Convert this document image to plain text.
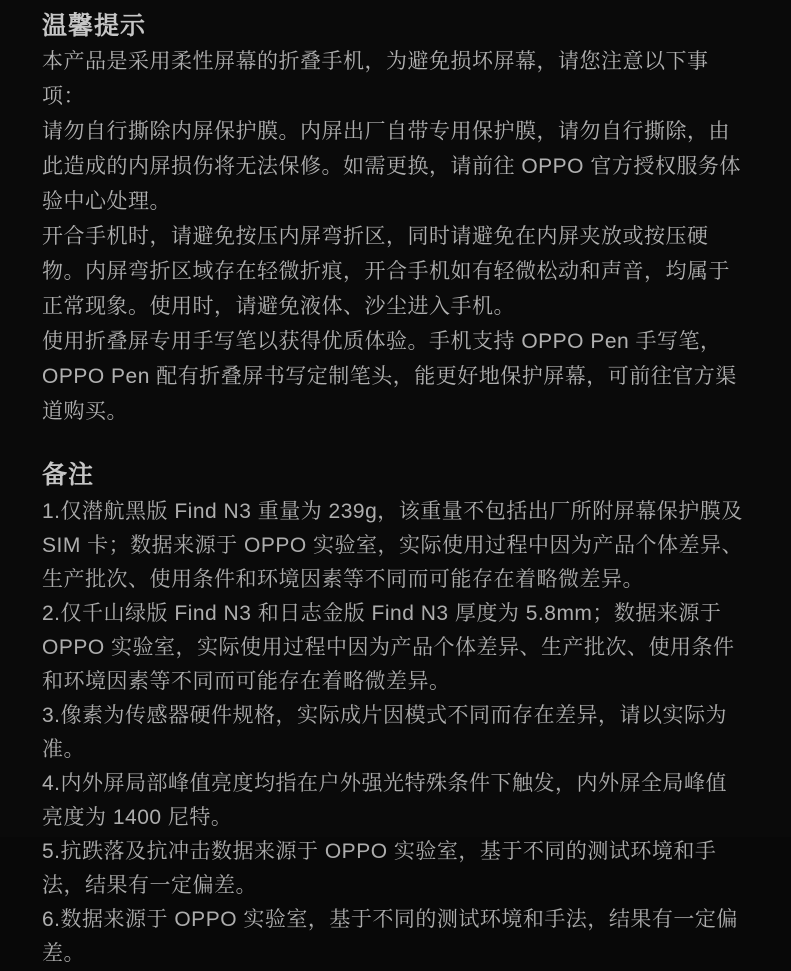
温馨提示

本产品是采用柔性屏幕的折叠手机，为避免损坏屏幕，请您注意以下事项：

请勿自行撕除内屏保护膜。内屏出厂自带专用保护膜，请勿自行撕除，由此造成的内屏损伤将无法保修。如需更换，请前往 OPPO 官方授权服务体验中心处理。

开合手机时，请避免按压内屏弯折区，同时请避免在内屏夹放或按压硬物。内屏弯折区域存在轻微折痕，开合手机如有轻微松动和声音，均属于正常现象。使用时，请避免液体、沙尘进入手机。

使用折叠屏专用手写笔以获得优质体验。手机支持 OPPO Pen 手写笔，OPPO Pen 配有折叠屏书写定制笔头，能更好地保护屏幕，可前往官方渠道购买。

备注

1.仅潜航黑版 Find N3 重量为 239g，该重量不包括出厂所附屏幕保护膜及 SIM 卡；数据来源于 OPPO 实验室，实际使用过程中因为产品个体差异、生产批次、使用条件和环境因素等不同而可能存在着略微差异。

2.仅千山绿版 Find N3 和日志金版 Find N3 厚度为 5.8mm；数据来源于 OPPO 实验室，实际使用过程中因为产品个体差异、生产批次、使用条件和环境因素等不同而可能存在着略微差异。

3.像素为传感器硬件规格，实际成片因模式不同而存在差异，请以实际为准。

4.内外屏局部峰值亮度均指在户外强光特殊条件下触发，内外屏全局峰值亮度为 1400 尼特。

5.抗跌落及抗冲击数据来源于 OPPO 实验室，基于不同的测试环境和手法，结果有一定偏差。

6.数据来源于 OPPO 实验室，基于不同的测试环境和手法，结果有一定偏差。
